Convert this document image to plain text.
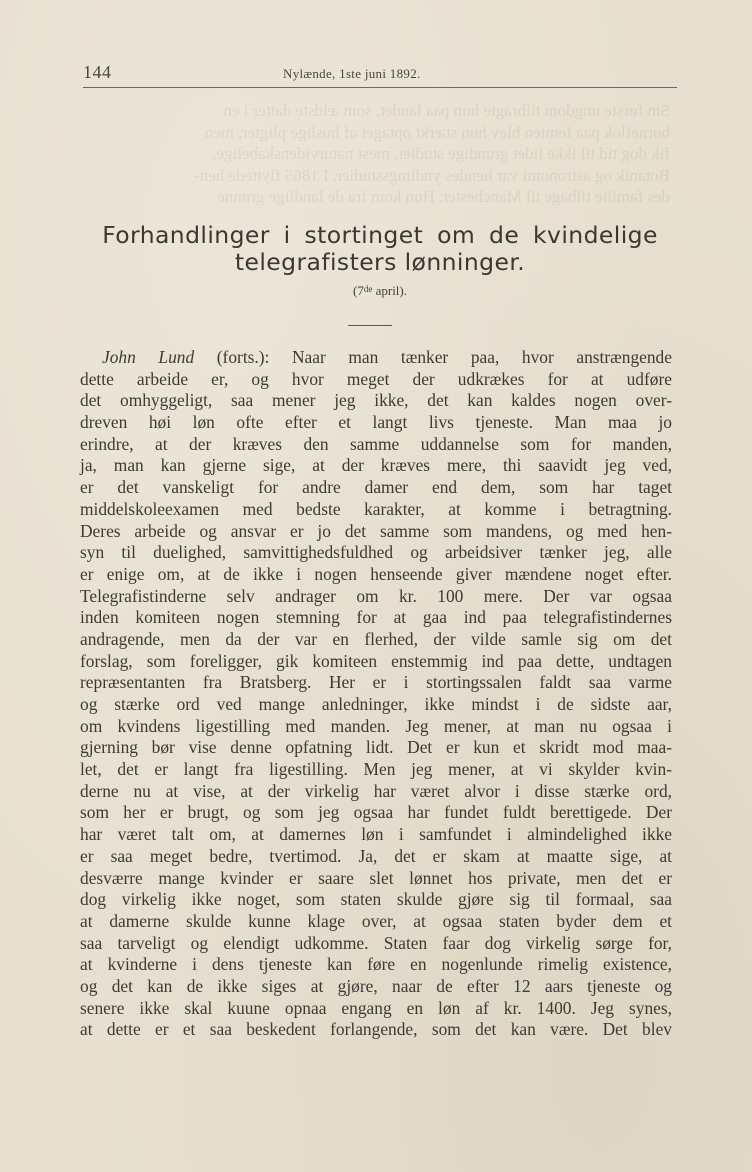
Sin første ungdom tilbragte hun paa landet, som ældste datter i en
børneflok paa femten blev hun stærkt optaget af huslige pligter, men
fik dog tid til ikke lidet grundige studier, mest naturvidenskabelige.
Botanik og astronomi var hendes yndlingsstudier. I 1865 flyttede hen-
des familie tilbage til Manchester. Hun kom fra de landlige grønne
144	Nylænde, 1ste juni 1892.
Forhandlinger i stortinget om de kvindelige
telegrafisters lønninger.
(7de april).
John Lund (forts.): Naar man tænker paa, hvor anstrængende
dette arbeide er, og hvor meget der udkrækes for at udføre
det omhyggeligt, saa mener jeg ikke, det kan kaldes nogen over-
dreven høi løn ofte efter et langt livs tjeneste. Man maa jo
erindre, at der kræves den samme uddannelse som for manden,
ja, man kan gjerne sige, at der kræves mere, thi saavidt jeg ved,
er det vanskeligt for andre damer end dem, som har taget
middelskoleexamen med bedste karakter, at komme i betragtning.
Deres arbeide og ansvar er jo det samme som mandens, og med hen-
syn til duelighed, samvittighedsfuldhed og arbeidsiver tænker jeg, alle
er enige om, at de ikke i nogen henseende giver mændene noget efter.
Telegrafistinderne selv andrager om kr. 100 mere. Der var ogsaa
inden komiteen nogen stemning for at gaa ind paa telegrafistindernes
andragende, men da der var en flerhed, der vilde samle sig om det
forslag, som foreligger, gik komiteen enstemmig ind paa dette, undtagen
repræsentanten fra Bratsberg. Her er i stortingssalen faldt saa varme
og stærke ord ved mange anledninger, ikke mindst i de sidste aar,
om kvindens ligestilling med manden. Jeg mener, at man nu ogsaa i
gjerning bør vise denne opfatning lidt. Det er kun et skridt mod maa-
let, det er langt fra ligestilling. Men jeg mener, at vi skylder kvin-
derne nu at vise, at der virkelig har været alvor i disse stærke ord,
som her er brugt, og som jeg ogsaa har fundet fuldt berettigede. Der
har været talt om, at damernes løn i samfundet i almindelighed ikke
er saa meget bedre, tvertimod. Ja, det er skam at maatte sige, at
desværre mange kvinder er saare slet lønnet hos private, men det er
dog virkelig ikke noget, som staten skulde gjøre sig til formaal, saa
at damerne skulde kunne klage over, at ogsaa staten byder dem et
saa tarveligt og elendigt udkomme. Staten faar dog virkelig sørge for,
at kvinderne i dens tjeneste kan føre en nogenlunde rimelig existence,
og det kan de ikke siges at gjøre, naar de efter 12 aars tjeneste og
senere ikke skal kuune opnaa engang en løn af kr. 1400. Jeg synes,
at dette er et saa beskedent forlangende, som det kan være. Det blev
